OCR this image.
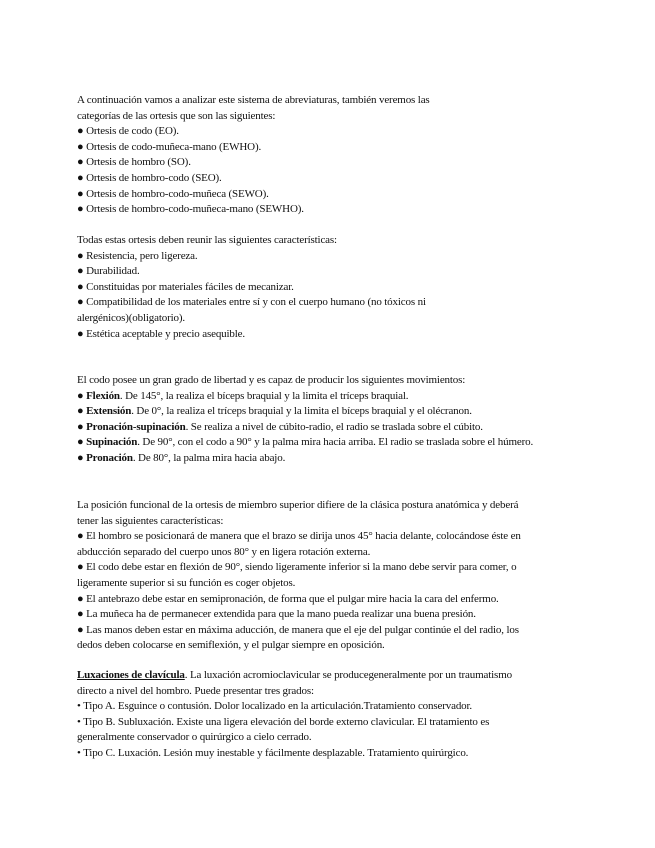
A continuación vamos a analizar este sistema de abreviaturas, también veremos las
categorías de las ortesis que son las siguientes:
● Ortesis de codo (EO).
● Ortesis de codo-muñeca-mano (EWHO).
● Ortesis de hombro (SO).
● Ortesis de hombro-codo (SEO).
● Ortesis de hombro-codo-muñeca (SEWO).
● Ortesis de hombro-codo-muñeca-mano (SEWHO).
Todas estas ortesis deben reunir las siguientes características:
● Resistencia, pero ligereza.
● Durabilidad.
● Constituidas por materiales fáciles de mecanizar.
● Compatibilidad de los materiales entre sí y con el cuerpo humano (no tóxicos ni
alergénicos)(obligatorio).
● Estética aceptable y precio asequible.
El codo posee un gran grado de libertad y es capaz de producir los siguientes movimientos:
● Flexión. De 145°, la realiza el bíceps braquial y la limita el tríceps braquial.
● Extensión. De 0°, la realiza el tríceps braquial y la limita el bíceps braquial y el olécranon.
● Pronación-supinación. Se realiza a nivel de cúbito-radio, el radio se traslada sobre el cúbito.
● Supinación. De 90°, con el codo a 90° y la palma mira hacia arriba. El radio se traslada sobre el húmero.
● Pronación. De 80°, la palma mira hacia abajo.
La posición funcional de la ortesis de miembro superior difiere de la clásica postura anatómica y deberá
tener las siguientes características:
● El hombro se posicionará de manera que el brazo se dirija unos 45° hacia delante, colocándose éste en
abducción separado del cuerpo unos 80° y en ligera rotación externa.
● El codo debe estar en flexión de 90°, siendo ligeramente inferior si la mano debe servir para comer, o
ligeramente superior si su función es coger objetos.
● El antebrazo debe estar en semipronación, de forma que el pulgar mire hacia la cara del enfermo.
● La muñeca ha de permanecer extendida para que la mano pueda realizar una buena presión.
● Las manos deben estar en máxima aducción, de manera que el eje del pulgar continúe el del radio, los
dedos deben colocarse en semiflexión, y el pulgar siempre en oposición.
Luxaciones de clavícula. La luxación acromioclavicular se producegeneralmente por un traumatismo
directo a nivel del hombro. Puede presentar tres grados:
• Tipo A. Esguince o contusión. Dolor localizado en la articulación.Tratamiento conservador.
• Tipo B. Subluxación. Existe una ligera elevación del borde externo clavicular. El tratamiento es
generalmente conservador o quirúrgico a cielo cerrado.
• Tipo C. Luxación. Lesión muy inestable y fácilmente desplazable. Tratamiento quirúrgico.
